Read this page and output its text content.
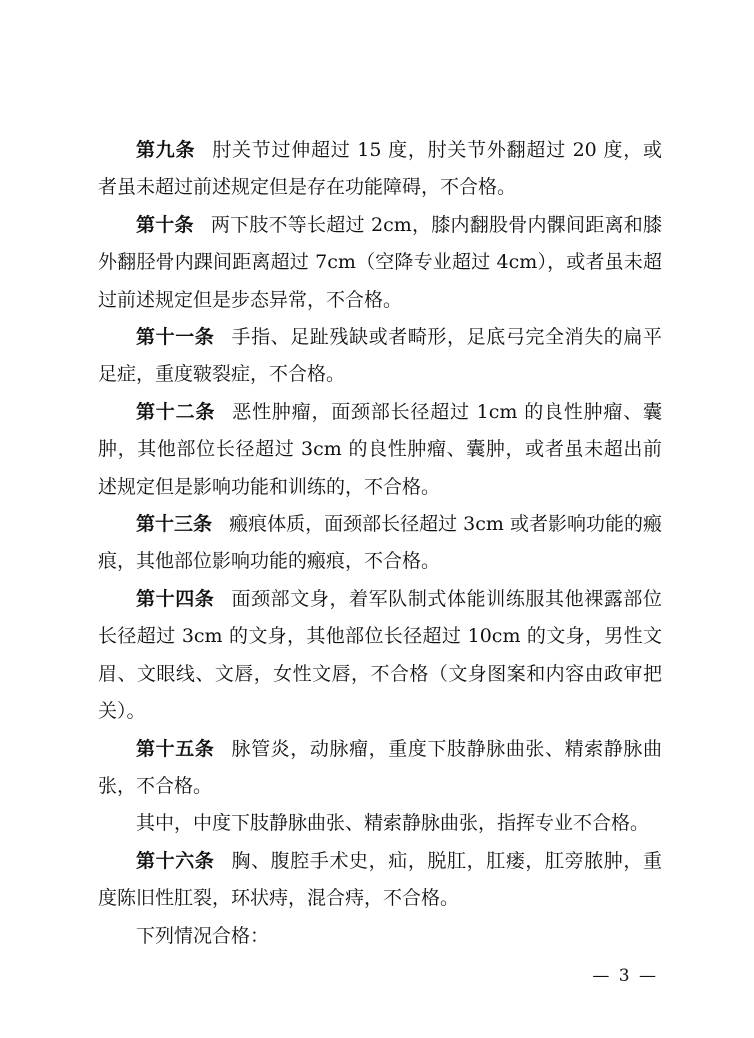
第九条 肘关节过伸超过 15 度，肘关节外翻超过 20 度，或者虽未超过前述规定但是存在功能障碍，不合格。

第十条 两下肢不等长超过 2cm，膝内翻股骨内髁间距离和膝外翻胫骨内踝间距离超过 7cm（空降专业超过 4cm），或者虽未超过前述规定但是步态异常，不合格。

第十一条 手指、足趾残缺或者畸形，足底弓完全消失的扁平足症，重度皲裂症，不合格。

第十二条 恶性肿瘤，面颈部长径超过 1cm 的良性肿瘤、囊肿，其他部位长径超过 3cm 的良性肿瘤、囊肿，或者虽未超出前述规定但是影响功能和训练的，不合格。

第十三条 瘢痕体质，面颈部长径超过 3cm 或者影响功能的瘢痕，其他部位影响功能的瘢痕，不合格。

第十四条 面颈部文身，着军队制式体能训练服其他裸露部位长径超过 3cm 的文身，其他部位长径超过 10cm 的文身，男性文眉、文眼线、文唇，女性文唇，不合格（文身图案和内容由政审把关）。

第十五条 脉管炎，动脉瘤，重度下肢静脉曲张、精索静脉曲张，不合格。

其中，中度下肢静脉曲张、精索静脉曲张，指挥专业不合格。

第十六条 胸、腹腔手术史，疝，脱肛，肛瘘，肛旁脓肿，重度陈旧性肛裂，环状痔，混合痔，不合格。

下列情况合格：

— 3 —
